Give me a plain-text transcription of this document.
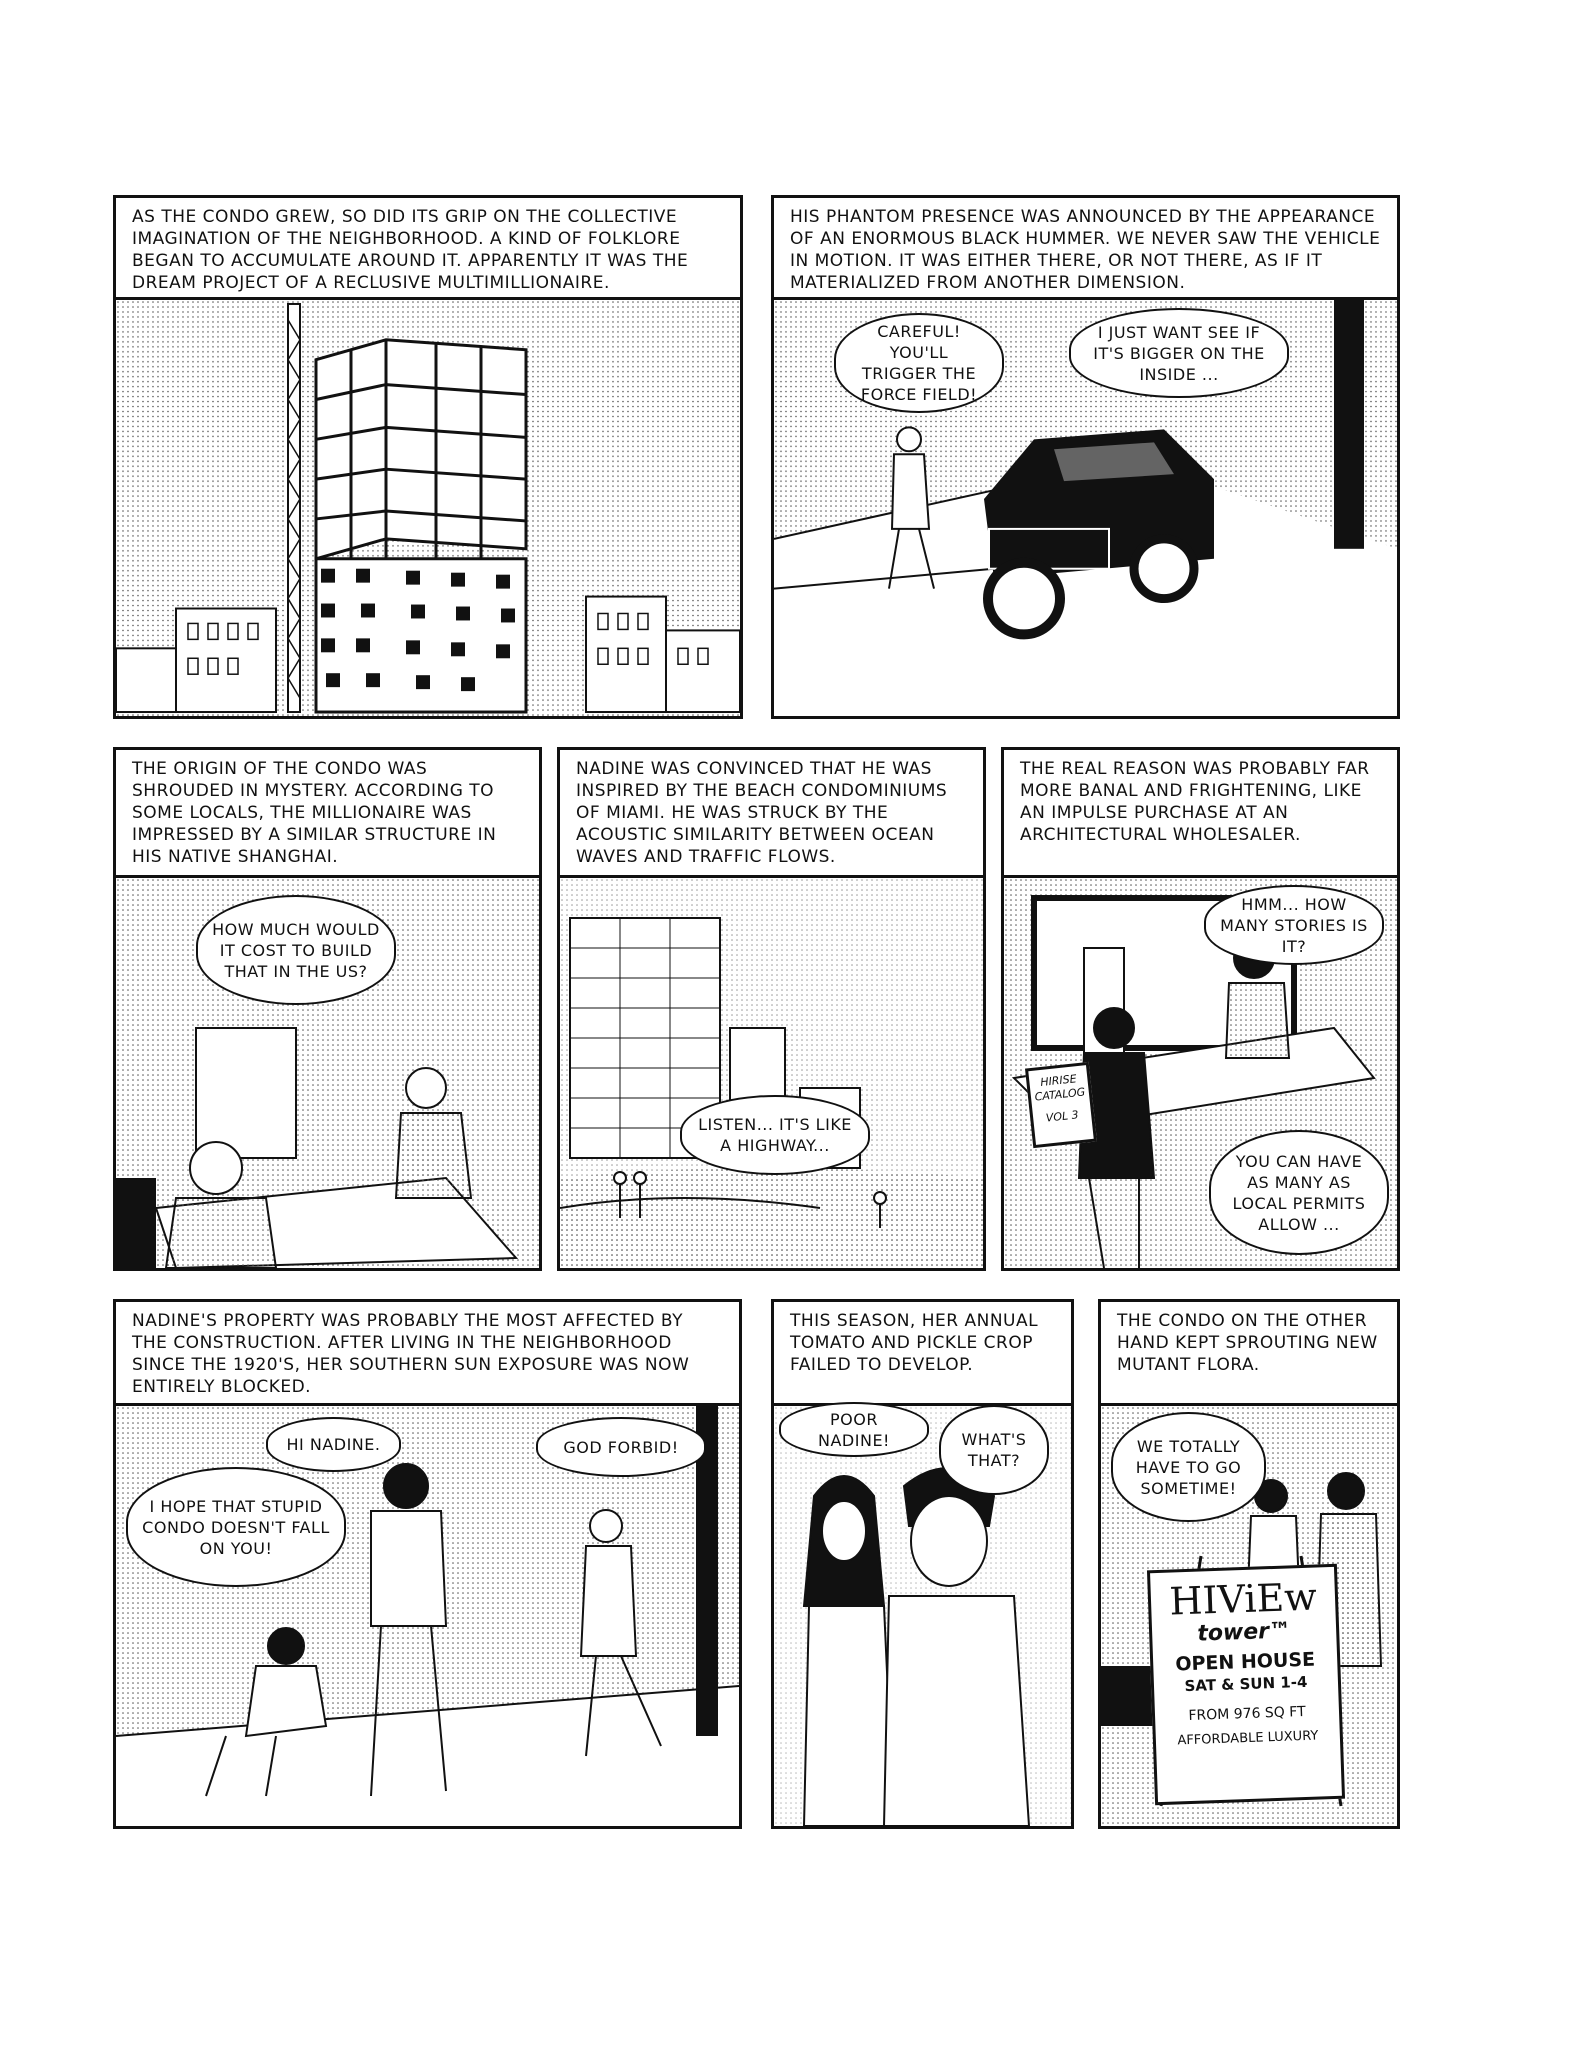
AS THE CONDO GREW, SO DID ITS GRIP ON THE COLLECTIVE IMAGINATION OF THE NEIGHBORHOOD. A KIND OF FOLKLORE BEGAN TO ACCUMULATE AROUND IT. APPARENTLY IT WAS THE DREAM PROJECT OF A RECLUSIVE MULTIMILLIONAIRE.
HIS PHANTOM PRESENCE WAS ANNOUNCED BY THE APPEARANCE OF AN ENORMOUS BLACK HUMMER. WE NEVER SAW THE VEHICLE IN MOTION. IT WAS EITHER THERE, OR NOT THERE, AS IF IT MATERIALIZED FROM ANOTHER DIMENSION.
CAREFUL! YOU'LL TRIGGER THE FORCE FIELD!
I JUST WANT SEE IF IT'S BIGGER ON THE INSIDE ...
THE ORIGIN OF THE CONDO WAS SHROUDED IN MYSTERY. ACCORDING TO SOME LOCALS, THE MILLIONAIRE WAS IMPRESSED BY A SIMILAR STRUCTURE IN HIS NATIVE SHANGHAI.
HOW MUCH WOULD IT COST TO BUILD THAT IN THE US?
NADINE WAS CONVINCED THAT HE WAS INSPIRED BY THE BEACH CONDOMINIUMS OF MIAMI. HE WAS STRUCK BY THE ACOUSTIC SIMILARITY BETWEEN OCEAN WAVES AND TRAFFIC FLOWS.
LISTEN... IT'S LIKE A HIGHWAY...
THE REAL REASON WAS PROBABLY FAR MORE BANAL AND FRIGHTENING, LIKE AN IMPULSE PURCHASE AT AN ARCHITECTURAL WHOLESALER.
HIRISE
CATALOG
VOL 3
HMM... HOW MANY STORIES IS IT?
YOU CAN HAVE AS MANY AS LOCAL PERMITS ALLOW ...
NADINE'S PROPERTY WAS PROBABLY THE MOST AFFECTED BY THE CONSTRUCTION. AFTER LIVING IN THE NEIGHBORHOOD SINCE THE 1920'S, HER SOUTHERN SUN EXPOSURE WAS NOW ENTIRELY BLOCKED.
HI NADINE.	GOD FORBID!
I HOPE THAT STUPID CONDO DOESN'T FALL ON YOU!
THIS SEASON, HER ANNUAL TOMATO AND PICKLE CROP FAILED TO DEVELOP.
POOR NADINE!	WHAT'S THAT?
THE CONDO ON THE OTHER HAND KEPT SPROUTING NEW MUTANT FLORA.
WE TOTALLY HAVE TO GO SOMETIME!
HIViEw
tower™
OPEN HOUSE
SAT & SUN 1-4
FROM 976 SQ FT
AFFORDABLE LUXURY
